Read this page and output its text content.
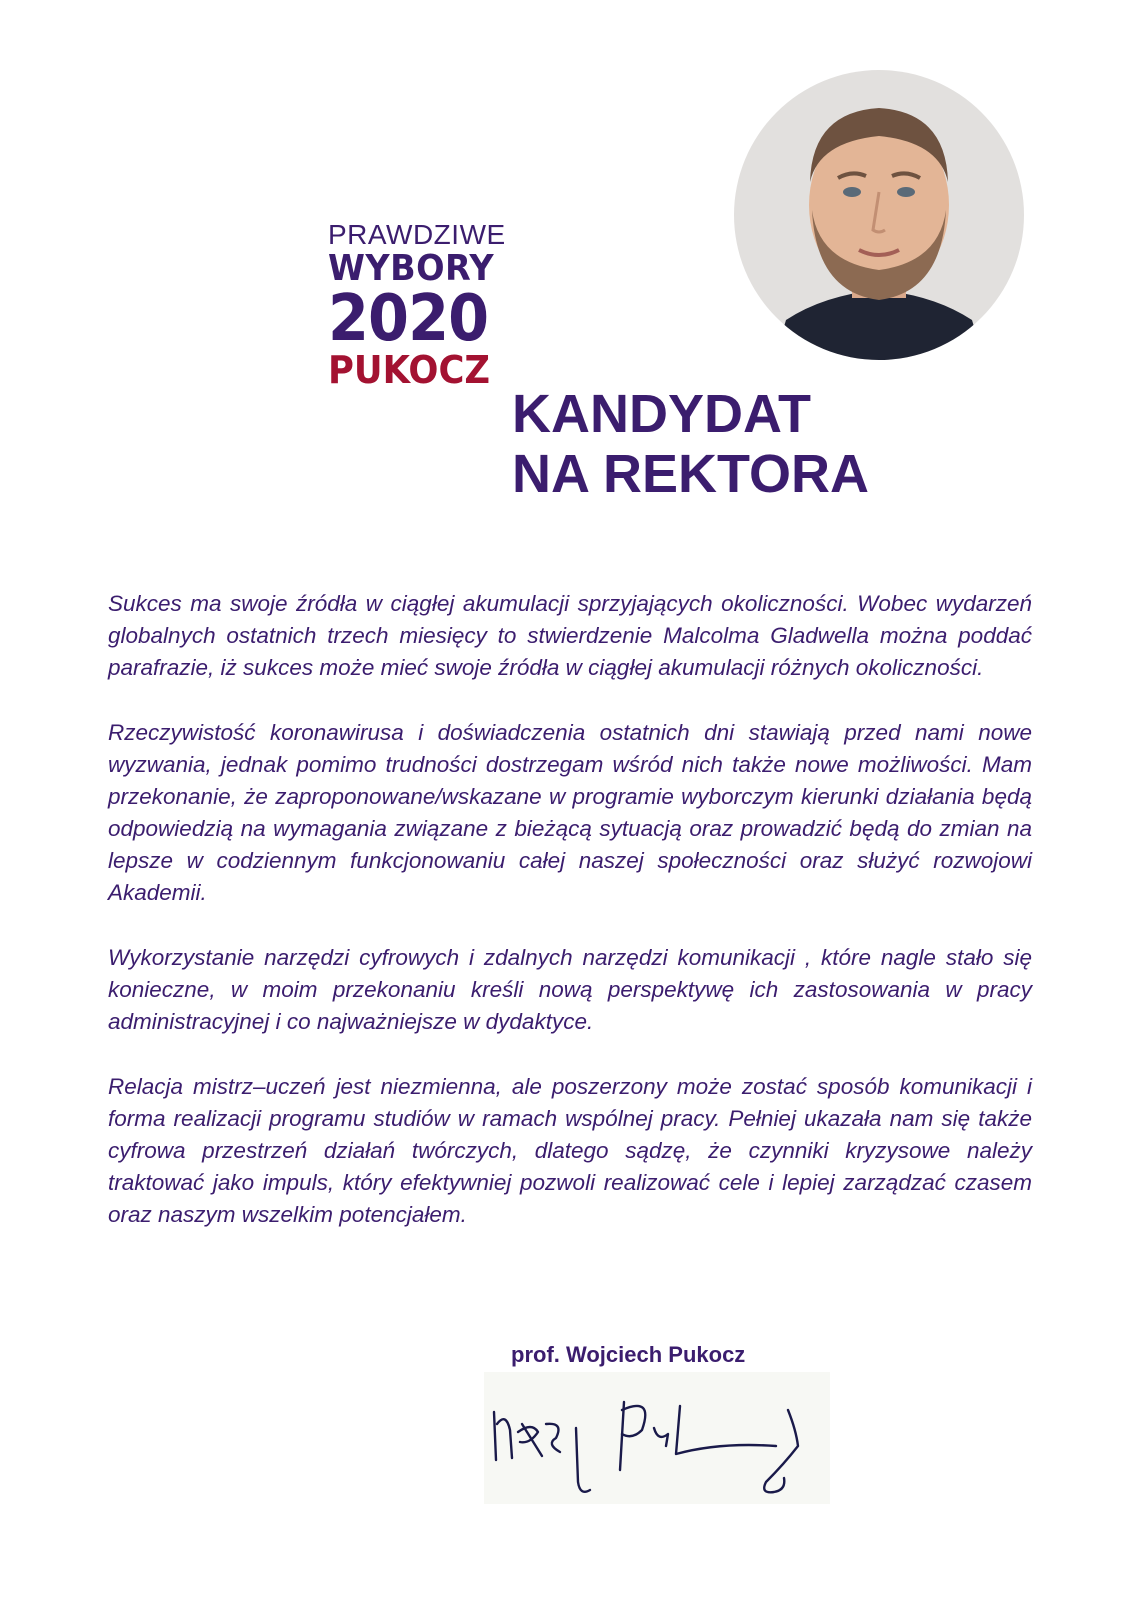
PRAWDZIWE
WYBORY
2020
PUKOCZ
KANDYDAT
NA REKTORA

Sukces ma swoje źródła w ciągłej akumulacji sprzyjających okoliczności. Wobec wydarzeń globalnych ostatnich trzech miesięcy to stwierdzenie Malcolma Gladwella można poddać parafrazie, iż sukces może mieć swoje źródła w ciągłej akumulacji różnych okoliczności.

Rzeczywistość koronawirusa i doświadczenia ostatnich dni stawiają przed nami nowe wyzwania, jednak pomimo trudności dostrzegam wśród nich także nowe możliwości. Mam przekonanie, że zaproponowane/wskazane w programie wyborczym kierunki działania będą odpowiedzią na wymagania związane z bieżącą sytuacją oraz prowadzić będą do zmian na lepsze w codziennym funkcjonowaniu całej naszej społeczności oraz służyć rozwojowi Akademii.

Wykorzystanie narzędzi cyfrowych i zdalnych narzędzi komunikacji , które nagle stało się konieczne, w moim przekonaniu kreśli nową perspektywę ich zastosowania w pracy administracyjnej i co najważniejsze w dydaktyce.

Relacja mistrz–uczeń jest niezmienna, ale poszerzony może zostać sposób komunikacji i forma realizacji programu studiów w ramach wspólnej pracy. Pełniej ukazała nam się także cyfrowa przestrzeń działań twórczych, dlatego sądzę, że czynniki kryzysowe należy traktować jako impuls, który efektywniej pozwoli realizować cele i lepiej zarządzać czasem oraz naszym wszelkim potencjałem.

prof. Wojciech Pukocz
